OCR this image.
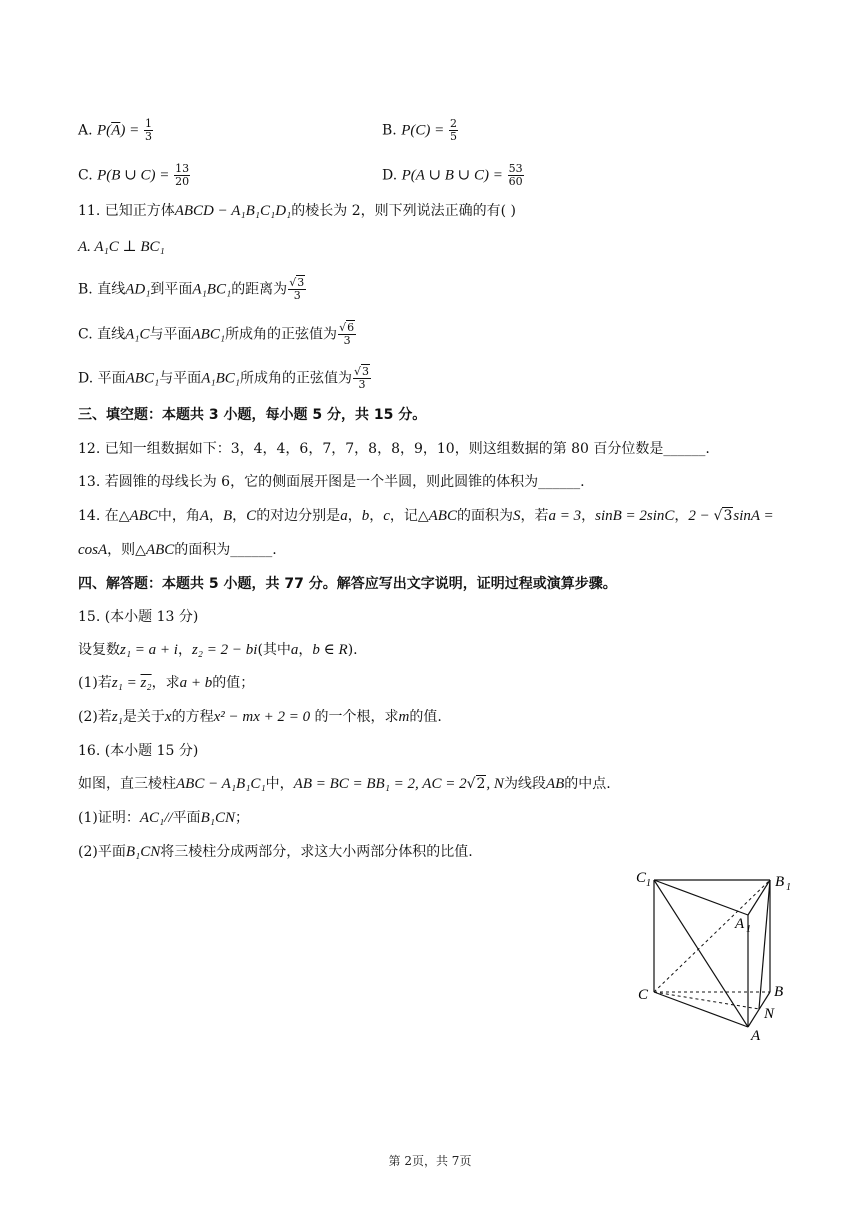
A. $P(\overline{A}) = \frac{1}{3}$	B. $P(C) = \frac{2}{5}$
C. P(B ∪ $C) = \frac{13}{20}$	D. P(A ∪ B ∪ $C) = \frac{53}{60}$
11. 已知正方体ABCD − A₁B₁C₁D₁的棱长为 2，则下列说法正确的有( )
A. A₁C ⊥ BC₁
B. 直线AD₁到平面A₁BC₁的距离为 $\frac{√3}{3}$
C. 直线A₁C与平面ABC₁所成角的正弦值为 $\frac{√6}{3}$
D. 平面ABC₁与平面A₁BC₁所成角的正弦值为 $\frac{√3}{3}$
三、填空题：本题共 3 小题，每小题 5 分，共 15 分。
12. 已知一组数据如下：3，4，4，6，7，7，8，8，9，10，则这组数据的第 80 百分位数是______.
13. 若圆锥的母线长为 6，它的侧面展开图是一个半圆，则此圆锥的体积为______.
14. 在△ABC中，角A，B，C的对边分别是a，b，c，记△ABC的面积为S，若a = 3，sinB = 2sinC，2 − √3sinA =
cosA，则△ABC的面积为______.
四、解答题：本题共 5 小题，共 77 分。解答应写出文字说明，证明过程或演算步骤。
15. (本小题 13 分)
设复数z₁ = a + i，z₂ = 2 − bi(其中a，b ∈ R).
(1)若z₁ = z₂，求a + b的值；
(2)若z₁是关于x的方程x² − mx + 2 = 0 的一个根，求m的值.
16. (本小题 15 分)
如图，直三棱柱ABC − A₁B₁C₁中，AB = BC = BB₁ = 2, AC = 2√2, N为线段AB的中点.
(1)证明：AC₁//平面B₁CN；
(2)平面B₁CN将三棱柱分成两部分，求这大小两部分体积的比值.
C 1	B 1
A 1
C	B
N
A
第 2页，共 7页
